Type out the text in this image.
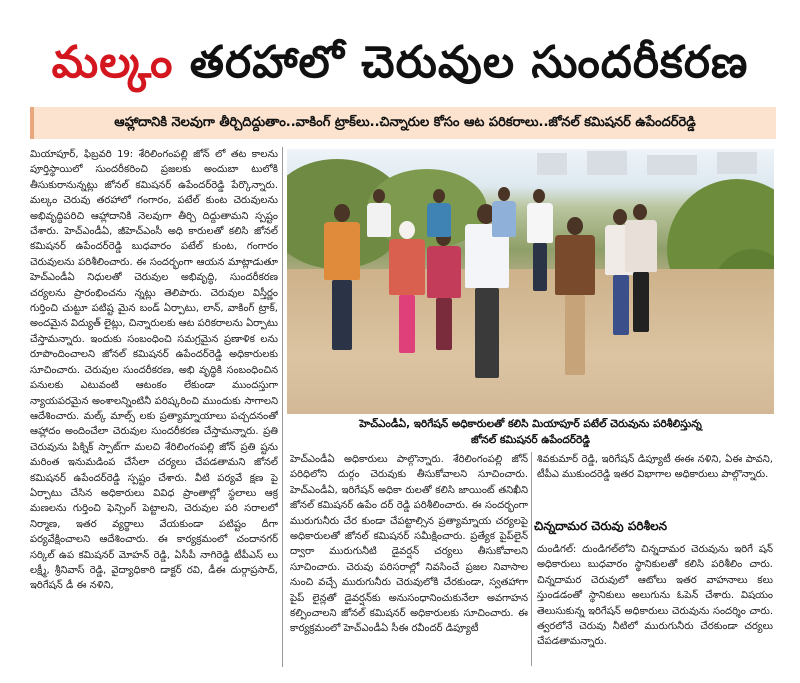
మల్కం తరహాలో చెరువుల సుందరీకరణ
ఆహ్లాదానికి నెలవుగా తీర్చిదిద్దుతాం..వాకింగ్ ట్రాక్‌లు..చిన్నారుల కోసం ఆట పరికరాలు..జోనల్ కమిషనర్ ఉపేందర్‌రెడ్డి

మియాపూర్, ఫిబ్రవరి 19: శేరిలింగంపల్లి జోన్ లో తట కాలను పూర్తిస్థాయిలో సుందరీకరించి ప్రజలకు అందుబా టులోకి తీసుకురానున్నట్లు జోనల్ కమిషనర్ ఉపేందర్‌రెడ్డి పేర్కొన్నారు. మల్కం చెరువు తరహాలో గంగారం, పటేల్ కుంట చెరువులను అభివృద్ధిపరిచి ఆహ్లాదానికి నెలవుగా తీర్చి దిద్దుతామని స్పష్టం చేశారు. హెచ్‌ఎండీఏ, జీహెచ్‌ఎంసీ అధి కారులతో కలిసి జోనల్ కమిషనర్ ఉపేందర్‌రెడ్డి బుధవారం పటేల్ కుంట, గంగారం చెరువులను పరిశీలించారు. ఈ సందర్భంగా ఆయన మాట్లాడుతూ హెచ్‌ఎండీఏ నిధులతో చెరువుల అభివృద్ధి, సుందరీకరణ చర్యలను ప్రారంభించను న్నట్లు తెలిపారు. చెరువుల విస్తీర్ణం గుర్తించి చుట్టూ పటిష్ట మైన బండ్ ఏర్పాటు, లాన్, వాకింగ్ ట్రాక్, అందమైన విద్యుత్ లైట్లు, చిన్నారులకు ఆట పరికరాలను ఏర్పాటు చేస్తామన్నారు. ఇందుకు సంబంధించి సమగ్రమైన ప్రణాళిక లను రూపొందించాలని జోనల్ కమిషనర్ ఉపేందర్‌రెడ్డి అధికారులకు సూచించారు. చెరువుల సుందరీకరణ, అభి వృద్ధికి సంబంధించిన పనులకు ఎటువంటి ఆటంకం లేకుండా ముందస్తుగా న్యాయపరమైన అంశాలన్నింటినీ పరిష్కరించి ముందుకు సాగాలని ఆదేశించారు. మల్క్ మాల్స్ లకు ప్రత్యామ్నాయాలు పచ్చదనంతో ఆహ్లాదం అందించేలా చెరువుల సుందరీకరణ చేస్తామన్నారు. ప్రతి చెరువును పిక్నిక్ స్పాట్‌గా మలచి శేరిలింగంపల్లి జోన్ ప్రతి ష్టను మరింత ఇనుమడింప చేసేలా చర్యలు చేపడతామని జోనల్ కమిషనర్ ఉపేందర్‌రెడ్డి స్పష్టం చేశారు. వీటి పర్యవే క్షణ పై ఏర్పాటు చేసిన అధికారులు వివిధ ప్రాంతాల్లో స్థలాలు ఆక్ర మణలను గుర్తించి ఫెన్సింగ్ పెట్టాలని, చెరువుల పరి సరాలలో నిర్మాణ, ఇతర వ్యర్థాలు వేయకుండా పటిష్టం దీగా పర్యవేక్షించాలని ఆదేశించారు. ఈ కార్యక్రమంలో చందానగర్ సర్కిల్ ఉప కమిషనర్ మోహన్ రెడ్డి, ఏసీపీ నాగిరెడ్డి టీపీఎస్ లు లక్ష్మీ, శ్రీనివాస్ రెడ్డి, వైద్యాధికారి డాక్టర్ రవి, డీఈ దుర్గాప్రసాద్, ఇరిగేషన్ డీ ఈ నళిని,

హెచ్‌ఎండీఏ, ఇరిగేషన్ అధికారులతో కలిసి మియాపూర్ పటేల్ చెరువును పరిశీలిస్తున్న
జోనల్ కమిషనర్ ఉపేందర్‌రెడ్డి

హెచ్‌ఎండీఏ అధికారులు పాల్గొన్నారు. శేరిలింగంపల్లి జోన్ పరిధిలోని దుర్గం చెరువుకు తీసుకోవాలని సూచించారు. హెచ్‌ఎండీఏ, ఇరిగేషన్ అధికా రులతో కలిసి జాయింట్ తనిఖీని జోనల్ కమిషనర్ ఉపేం దర్ రెడ్డి పరిశీలించారు. ఈ సందర్భంగా మురుగునీరు చేర కుండా చేపట్టాల్సిన ప్రత్యామ్నాయ చర్యలపై అధికారులతో జోనల్ కమిషనర్ సమీక్షించారు. ప్రత్యేక పైప్‌లైన్ ద్వారా మురుగునీటి డైవర్షన్ చర్యలు తీసుకోవాలని సూచించారు. చెరువు పరిసరాల్లో నివసించే ప్రజల నివాసాల నుంచి వచ్చే మురుగునీరు చెరువులోకి చేరకుండా, స్వతహాగా పైప్ లైన్లతో డైవర్షన్‌కు అనుసంధానించుకునేలా అవగాహన కల్పించాలని జోనల్ కమిషనర్ అధికారులకు సూచించారు. ఈ కార్యక్రమంలో హెచ్‌ఎండీఏ సీఈ రవీందర్ డిప్యూటీ

శివకుమార్ రెడ్డి, ఇరిగేషన్ డిప్యూటీ ఈఈ నళిని, ఏఈ పావని, టీపీఎ ముకుందరెడ్డి ఇతర విభాగాల అధికారులు పాల్గొన్నారు.

చిన్నదామర చెరువు పరిశీలన

దుండిగల్: దుండిగల్‌లోని చిన్నదామర చెరువును ఇరిగే షన్ అధికారులు బుధవారం స్థానికులతో కలిసి పరిశీలిం చారు. చిన్నదామర చెరువులో ఆటోలు ఇతర వాహనాలు కలు స్తుండడంతో స్థానికులు అలుగును ఓపెన్ చేశారు. విషయం తెలుసుకున్న ఇరిగేషన్ అధికారులు చెరువును సందర్శిం చారు. త్వరలోనే చెరువు నీటిలో మురుగునీరు చేరకుండా చర్యలు చేపడతామన్నారు.
